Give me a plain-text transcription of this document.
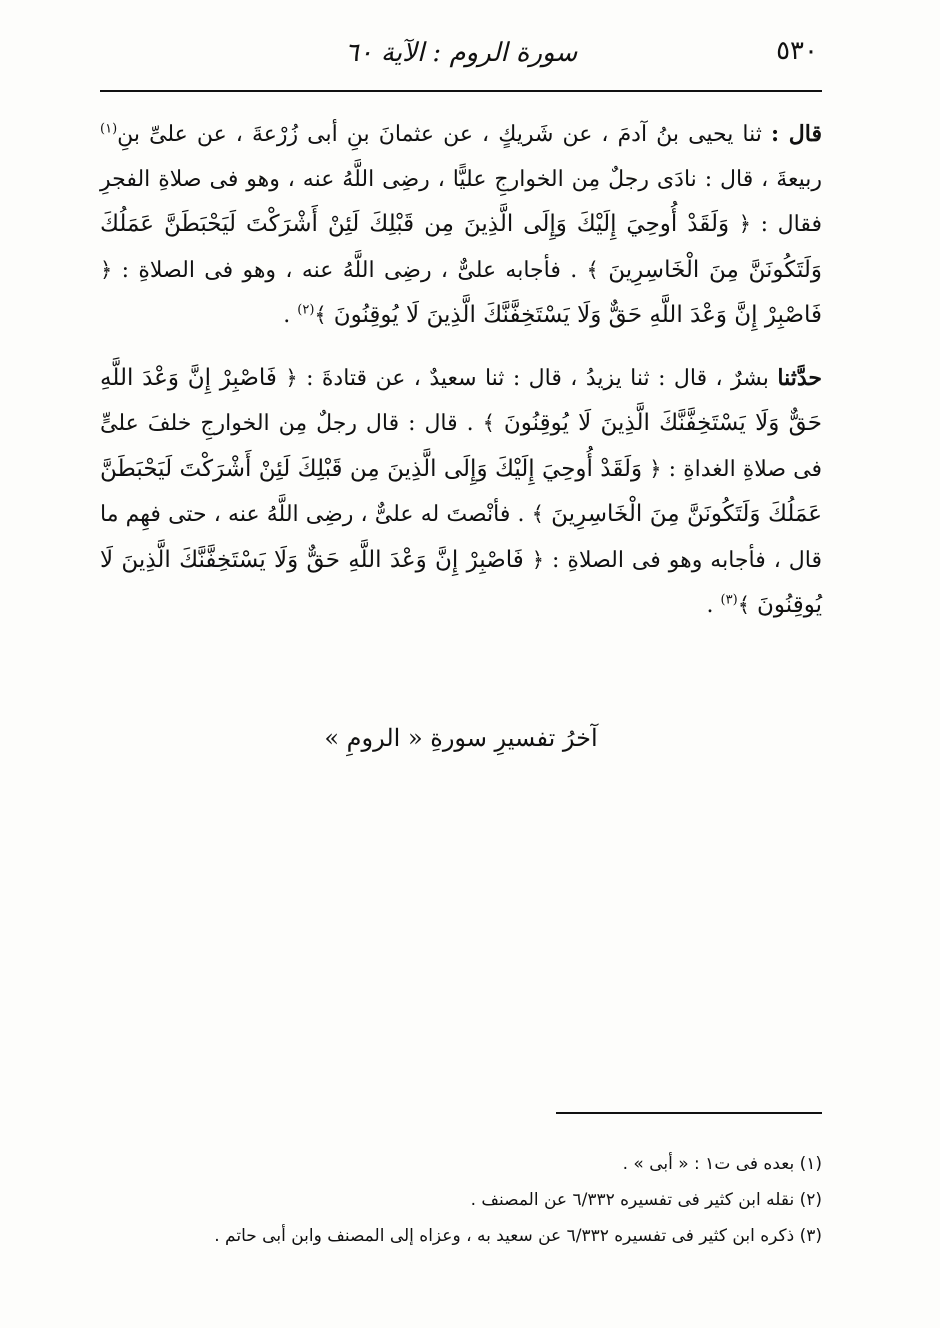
٥٣٠
سورة الروم : الآية ٦٠

قال : ثنا يحيى بنُ آدمَ ، عن شَريكٍ ، عن عثمانَ بنِ أبى زُرْعةَ ، عن علىِّ بنِ$^{(١)}$ ربيعةَ ، قال : نادَى رجلٌ مِن الخوارجِ عليًّا ، رضِى اللَّهُ عنه ، وهو فى صلاةِ الفجرِ فقال : ﴿ وَلَقَدْ أُوحِيَ إِلَيْكَ وَإِلَى الَّذِينَ مِن قَبْلِكَ لَئِنْ أَشْرَكْتَ لَيَحْبَطَنَّ عَمَلُكَ وَلَتَكُونَنَّ مِنَ الْخَاسِرِينَ ﴾ . فأجابه علىٌّ ، رضِى اللَّهُ عنه ، وهو فى الصلاةِ : ﴿ فَاصْبِرْ إِنَّ وَعْدَ اللَّهِ حَقٌّ وَلَا يَسْتَخِفَّنَّكَ الَّذِينَ لَا يُوقِنُونَ ﴾$^{(٢)}$ .

حدَّثنا بشرٌ ، قال : ثنا يزيدُ ، قال : ثنا سعيدٌ ، عن قتادةَ : ﴿ فَاصْبِرْ إِنَّ وَعْدَ اللَّهِ حَقٌّ وَلَا يَسْتَخِفَّنَّكَ الَّذِينَ لَا يُوقِنُونَ ﴾ . قال : قال رجلٌ مِن الخوارجِ خلفَ علىٍّ فى صلاةِ الغداةِ : ﴿ وَلَقَدْ أُوحِيَ إِلَيْكَ وَإِلَى الَّذِينَ مِن قَبْلِكَ لَئِنْ أَشْرَكْتَ لَيَحْبَطَنَّ عَمَلُكَ وَلَتَكُونَنَّ مِنَ الْخَاسِرِينَ ﴾ . فأنْصتَ له علىٌّ ، رضِى اللَّهُ عنه ، حتى فهِم ما قال ، فأجابه وهو فى الصلاةِ : ﴿ فَاصْبِرْ إِنَّ وَعْدَ اللَّهِ حَقٌّ وَلَا يَسْتَخِفَّنَّكَ الَّذِينَ لَا يُوقِنُونَ ﴾$^{(٣)}$ .

آخرُ تفسيرِ سورةِ « الرومِ »

(١) بعده فى ت١ : « أبى » .

(٢) نقله ابن كثير فى تفسيره ٦/٣٣٢ عن المصنف .

(٣) ذكره ابن كثير فى تفسيره ٦/٣٣٢ عن سعيد به ، وعزاه إلى المصنف وابن أبى حاتم .
